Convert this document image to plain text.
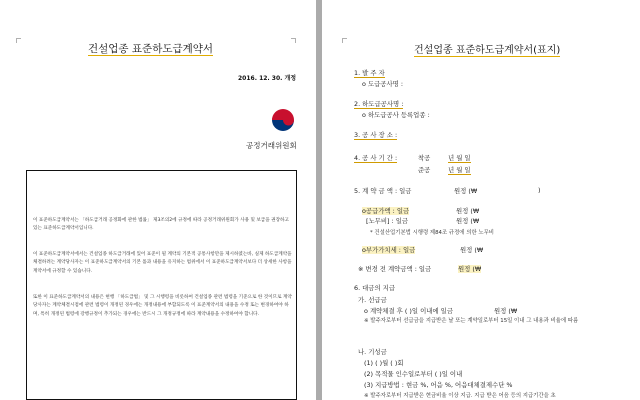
건설업종 표준하도급계약서
2016. 12. 30. 개정
공정거래위원회
이 표준하도급계약서는 「하도급거래 공정화에 관한 법률」 제3조의2에 규정에 따라 공정거래위원회가 사용 및 보급을 권장하고 있는 표준하도급계약서입니다.
이 표준하도급계약서에서는 건설업종 하도급거래에 있어 표준이 될 계약의 기본적 공통사항만을 제시하였는바, 실제 하도급계약을 체결하려는 계약당사자는 이 표준하도급계약서의 기본 틀과 내용을 유지하는 범위에서 이 표준하도급계약서보다 더 상세한 사항을 계약서에 규정할 수 있습니다.
또한 이 표준하도급계약서의 내용은 현행 「하도급법」 및 그 시행령을 비롯하여 건설업종 관련 법령을 기준으로 한 것이므로 계약당사자는 계약체결시점에 관련 법령이 개정된 경우에는 개정내용에 부합되도록 이 표준계약서의 내용을 수정 또는 변경하여야 하며, 특히 개정된 법령에 강행규정이 추가되는 경우에는 반드시 그 개정규정에 따라 계약내용을 수정하여야 합니다.
건설업종 표준하도급계약서(표지)
1. 발 주 자
o 도급공사명 :
2. 하도급공사명 :
o 하도급공사 등록업종 :
3. 공 사 장 소 :
4. 공 사 기 간 :	착공	년 월 일
준공	년 월 일
5. 계 약 금 액 : 일금	원정 (₩	)
o공급가액 : 일금	원정 (₩
[노무비] : 일금	원정 (₩
* 건설산업기본법 시행령 제84조 규정에 의한 노무비
o부가가치세 : 일금	원정 (₩
※ 변경 전 계약금액 : 일금	원정 (₩
6. 대금의 지급
가. 선급금
o 계약체결 후 ( )일 이내에 일금	원정 (₩
※ 발주자로부터 선급금을 지급받은 날 또는 계약일로부터 15일 이내 그 내용과 비율에 따름
나. 기성금
(1) ( )월 ( )회
(2) 목적물 인수일로부터 ( )일 이내
(3) 지급방법 : 현금 %, 어음 %, 어음대체결제수단 %
※ 발주자로부터 지급받은 현금비율 이상 지급. 지급 받은 어음 등의 지급기간을 초
